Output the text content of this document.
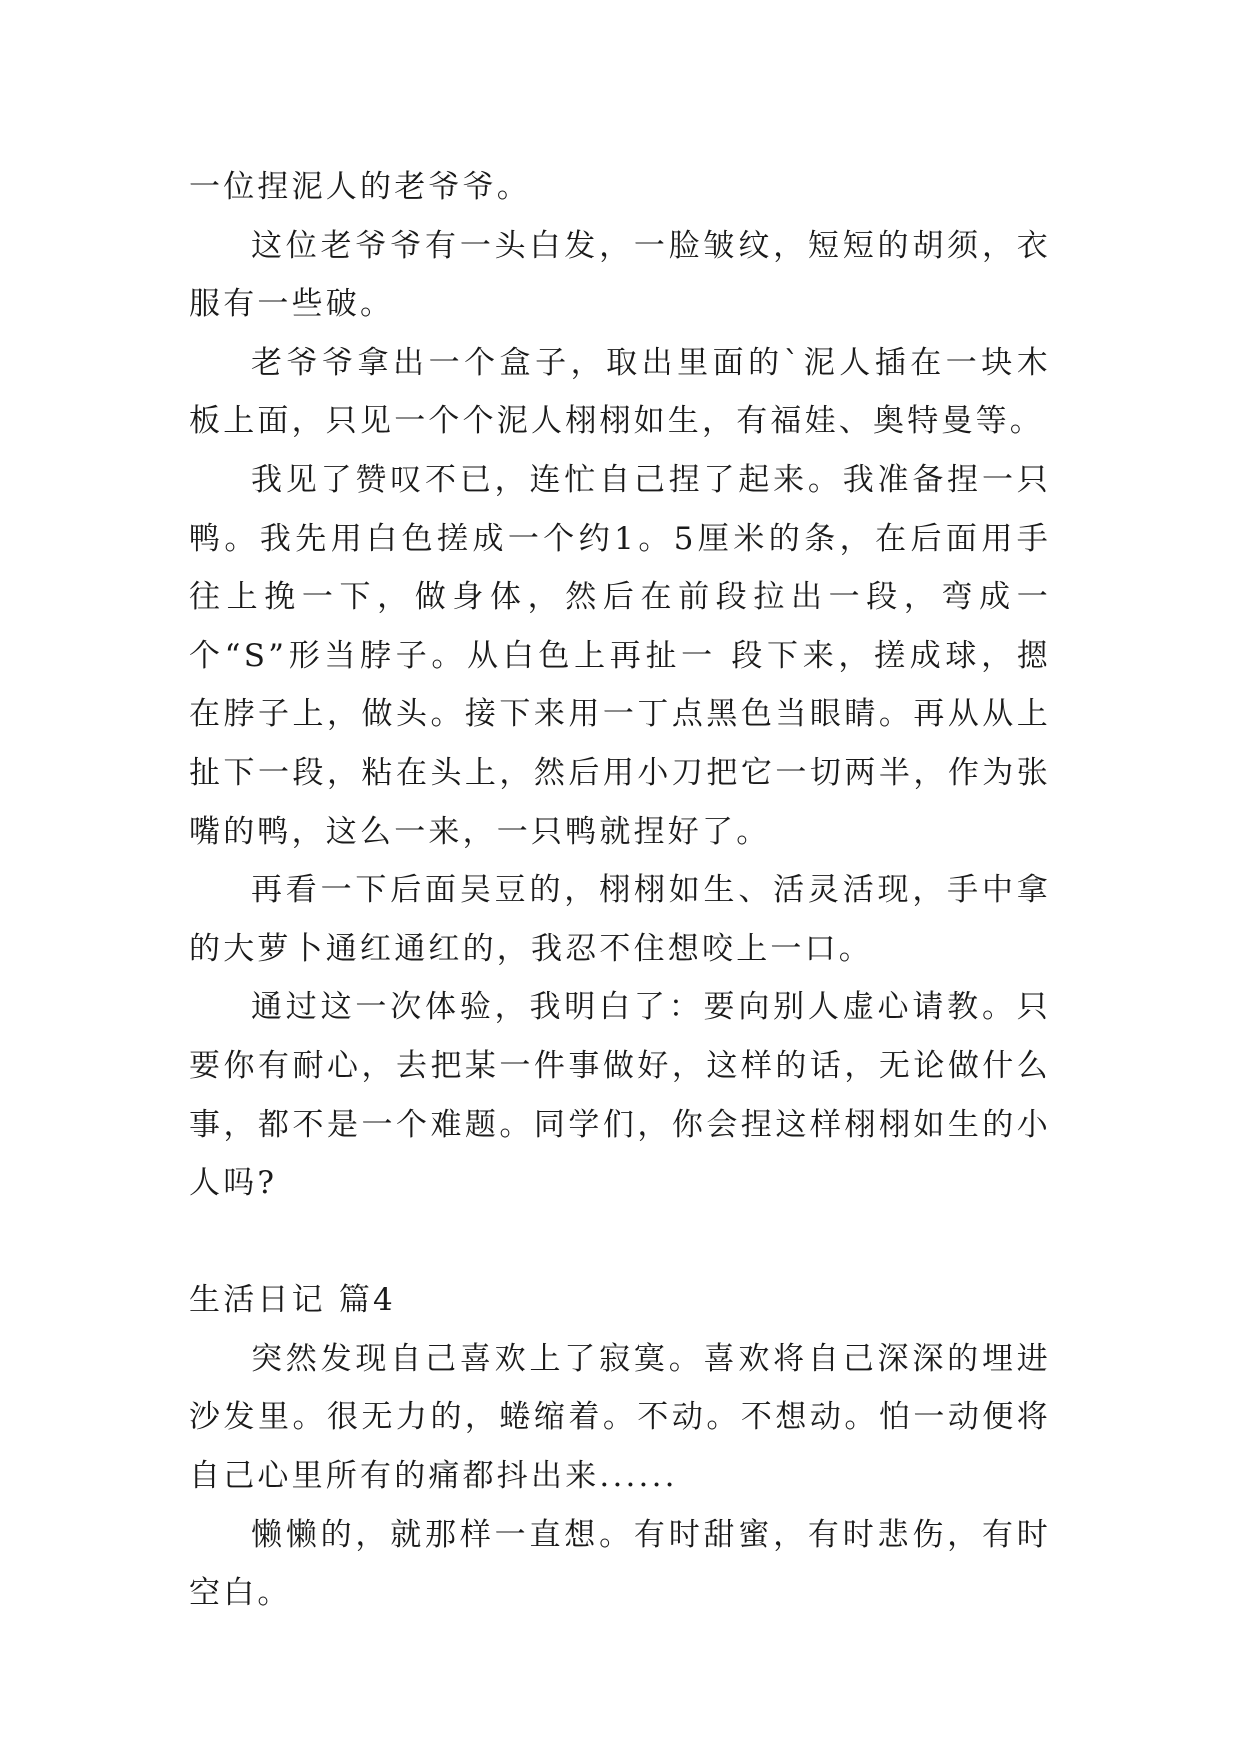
一位捏泥人的老爷爷。

这位老爷爷有一头白发，一脸皱纹，短短的胡须，衣服有一些破。

老爷爷拿出一个盒子，取出里面的`泥人插在一块木板上面，只见一个个泥人栩栩如生，有福娃、奥特曼等。

我见了赞叹不已，连忙自己捏了起来。我准备捏一只鸭。我先用白色搓成一个约1。5厘米的条，在后面用手往上挽一下，做身体，然后在前段拉出一段，弯成一个“S”形当脖子。从白色上再扯一 段下来，搓成球，摁在脖子上，做头。接下来用一丁点黑色当眼睛。再从从上扯下一段，粘在头上，然后用小刀把它一切两半，作为张嘴的鸭，这么一来，一只鸭就捏好了。

再看一下后面吴豆的，栩栩如生、活灵活现，手中拿的大萝卜通红通红的，我忍不住想咬上一口。

通过这一次体验，我明白了：要向别人虚心请教。只要你有耐心，去把某一件事做好，这样的话，无论做什么事，都不是一个难题。同学们，你会捏这样栩栩如生的小人吗?

生活日记 篇4

突然发现自己喜欢上了寂寞。喜欢将自己深深的埋进沙发里。很无力的，蜷缩着。不动。不想动。怕一动便将自己心里所有的痛都抖出来......

懒懒的，就那样一直想。有时甜蜜，有时悲伤，有时空白。
